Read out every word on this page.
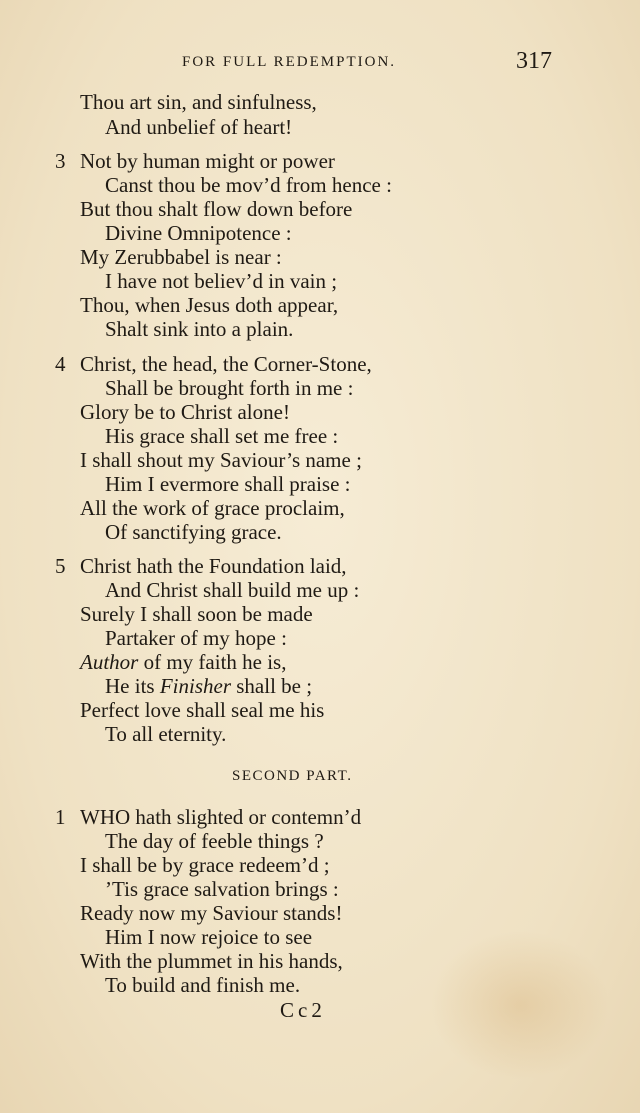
FOR FULL REDEMPTION.	317
Thou art sin, and sinfulness,
And unbelief of heart!
3 Not by human might or power
Canst thou be mov’d from hence :
But thou shalt flow down before
Divine Omnipotence :
My Zerubbabel is near :
I have not believ’d in vain ;
Thou, when Jesus doth appear,
Shalt sink into a plain.
4 Christ, the head, the Corner-Stone,
Shall be brought forth in me :
Glory be to Christ alone!
His grace shall set me free :
I shall shout my Saviour’s name ;
Him I evermore shall praise :
All the work of grace proclaim,
Of sanctifying grace.
5 Christ hath the Foundation laid,
And Christ shall build me up :
Surely I shall soon be made
Partaker of my hope :
Author of my faith he is,
He its Finisher shall be ;
Perfect love shall seal me his
To all eternity.
SECOND PART.
1 WHO hath slighted or contemn’d
The day of feeble things ?
I shall be by grace redeem’d ;
’Tis grace salvation brings :
Ready now my Saviour stands!
Him I now rejoice to see
With the plummet in his hands,
To build and finish me.
Cc2
